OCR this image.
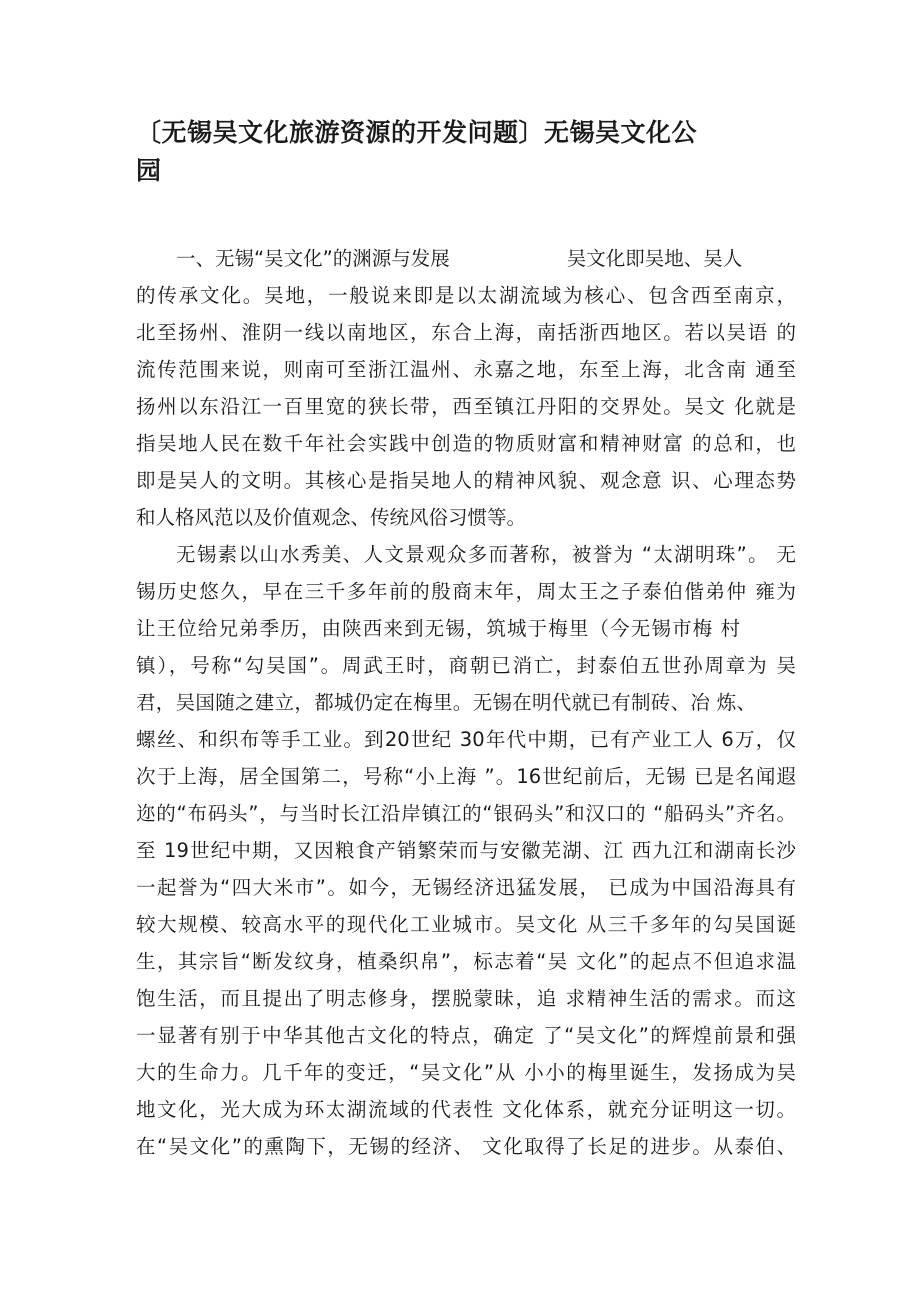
〔无锡吴文化旅游资源的开发问题〕无锡吴文化公
园
一、无锡“吴文化”的渊源与发展　　　　　　吴文化即吴地、吴人
的传承文化。吴地，一般说来即是以太湖流域为核心、包含西至南京，
北至扬州、淮阴一线以南地区，东合上海，南括浙西地区。若以吴语 的
流传范围来说，则南可至浙江温州、永嘉之地，东至上海，北含南 通至
扬州以东沿江一百里宽的狭长带，西至镇江丹阳的交界处。吴文 化就是
指吴地人民在数千年社会实践中创造的物质财富和精神财富 的总和，也
即是吴人的文明。其核心是指吴地人的精神风貌、观念意 识、心理态势
和人格风范以及价值观念、传统风俗习惯等。
无锡素以山水秀美、人文景观众多而著称，被誉为 “太湖明珠”。 无
锡历史悠久，早在三千多年前的殷商末年，周太王之子泰伯偕弟仲 雍为
让王位给兄弟季历，由陕西来到无锡，筑城于梅里（今无锡市梅 村
镇），号称“勾吴国”。周武王时，商朝已消亡，封泰伯五世孙周章为 吴
君，吴国随之建立，都城仍定在梅里。无锡在明代就已有制砖、冶 炼、
螺丝、和织布等手工业。到20世纪 30年代中期，已有产业工人 6万，仅
次于上海，居全国第二，号称“小上海 ”。16世纪前后，无锡 已是名闻遐
迩的“布码头”，与当时长江沿岸镇江的“银码头”和汉口的 “船码头”齐名。
至 19世纪中期，又因粮食产销繁荣而与安徽芜湖、江 西九江和湖南长沙
一起誉为“四大米市”。如今，无锡经济迅猛发展， 已成为中国沿海具有
较大规模、较高水平的现代化工业城市。吴文化 从三千多年的勾吴国诞
生，其宗旨“断发纹身，植桑织帛”，标志着“吴 文化”的起点不但追求温
饱生活，而且提出了明志修身，摆脱蒙昧，追 求精神生活的需求。而这
一显著有别于中华其他古文化的特点，确定 了“吴文化”的辉煌前景和强
大的生命力。几千年的变迁，“吴文化”从 小小的梅里诞生，发扬成为吴
地文化，光大成为环太湖流域的代表性 文化体系，就充分证明这一切。
在“吴文化”的熏陶下，无锡的经济、 文化取得了长足的进步。从泰伯、
